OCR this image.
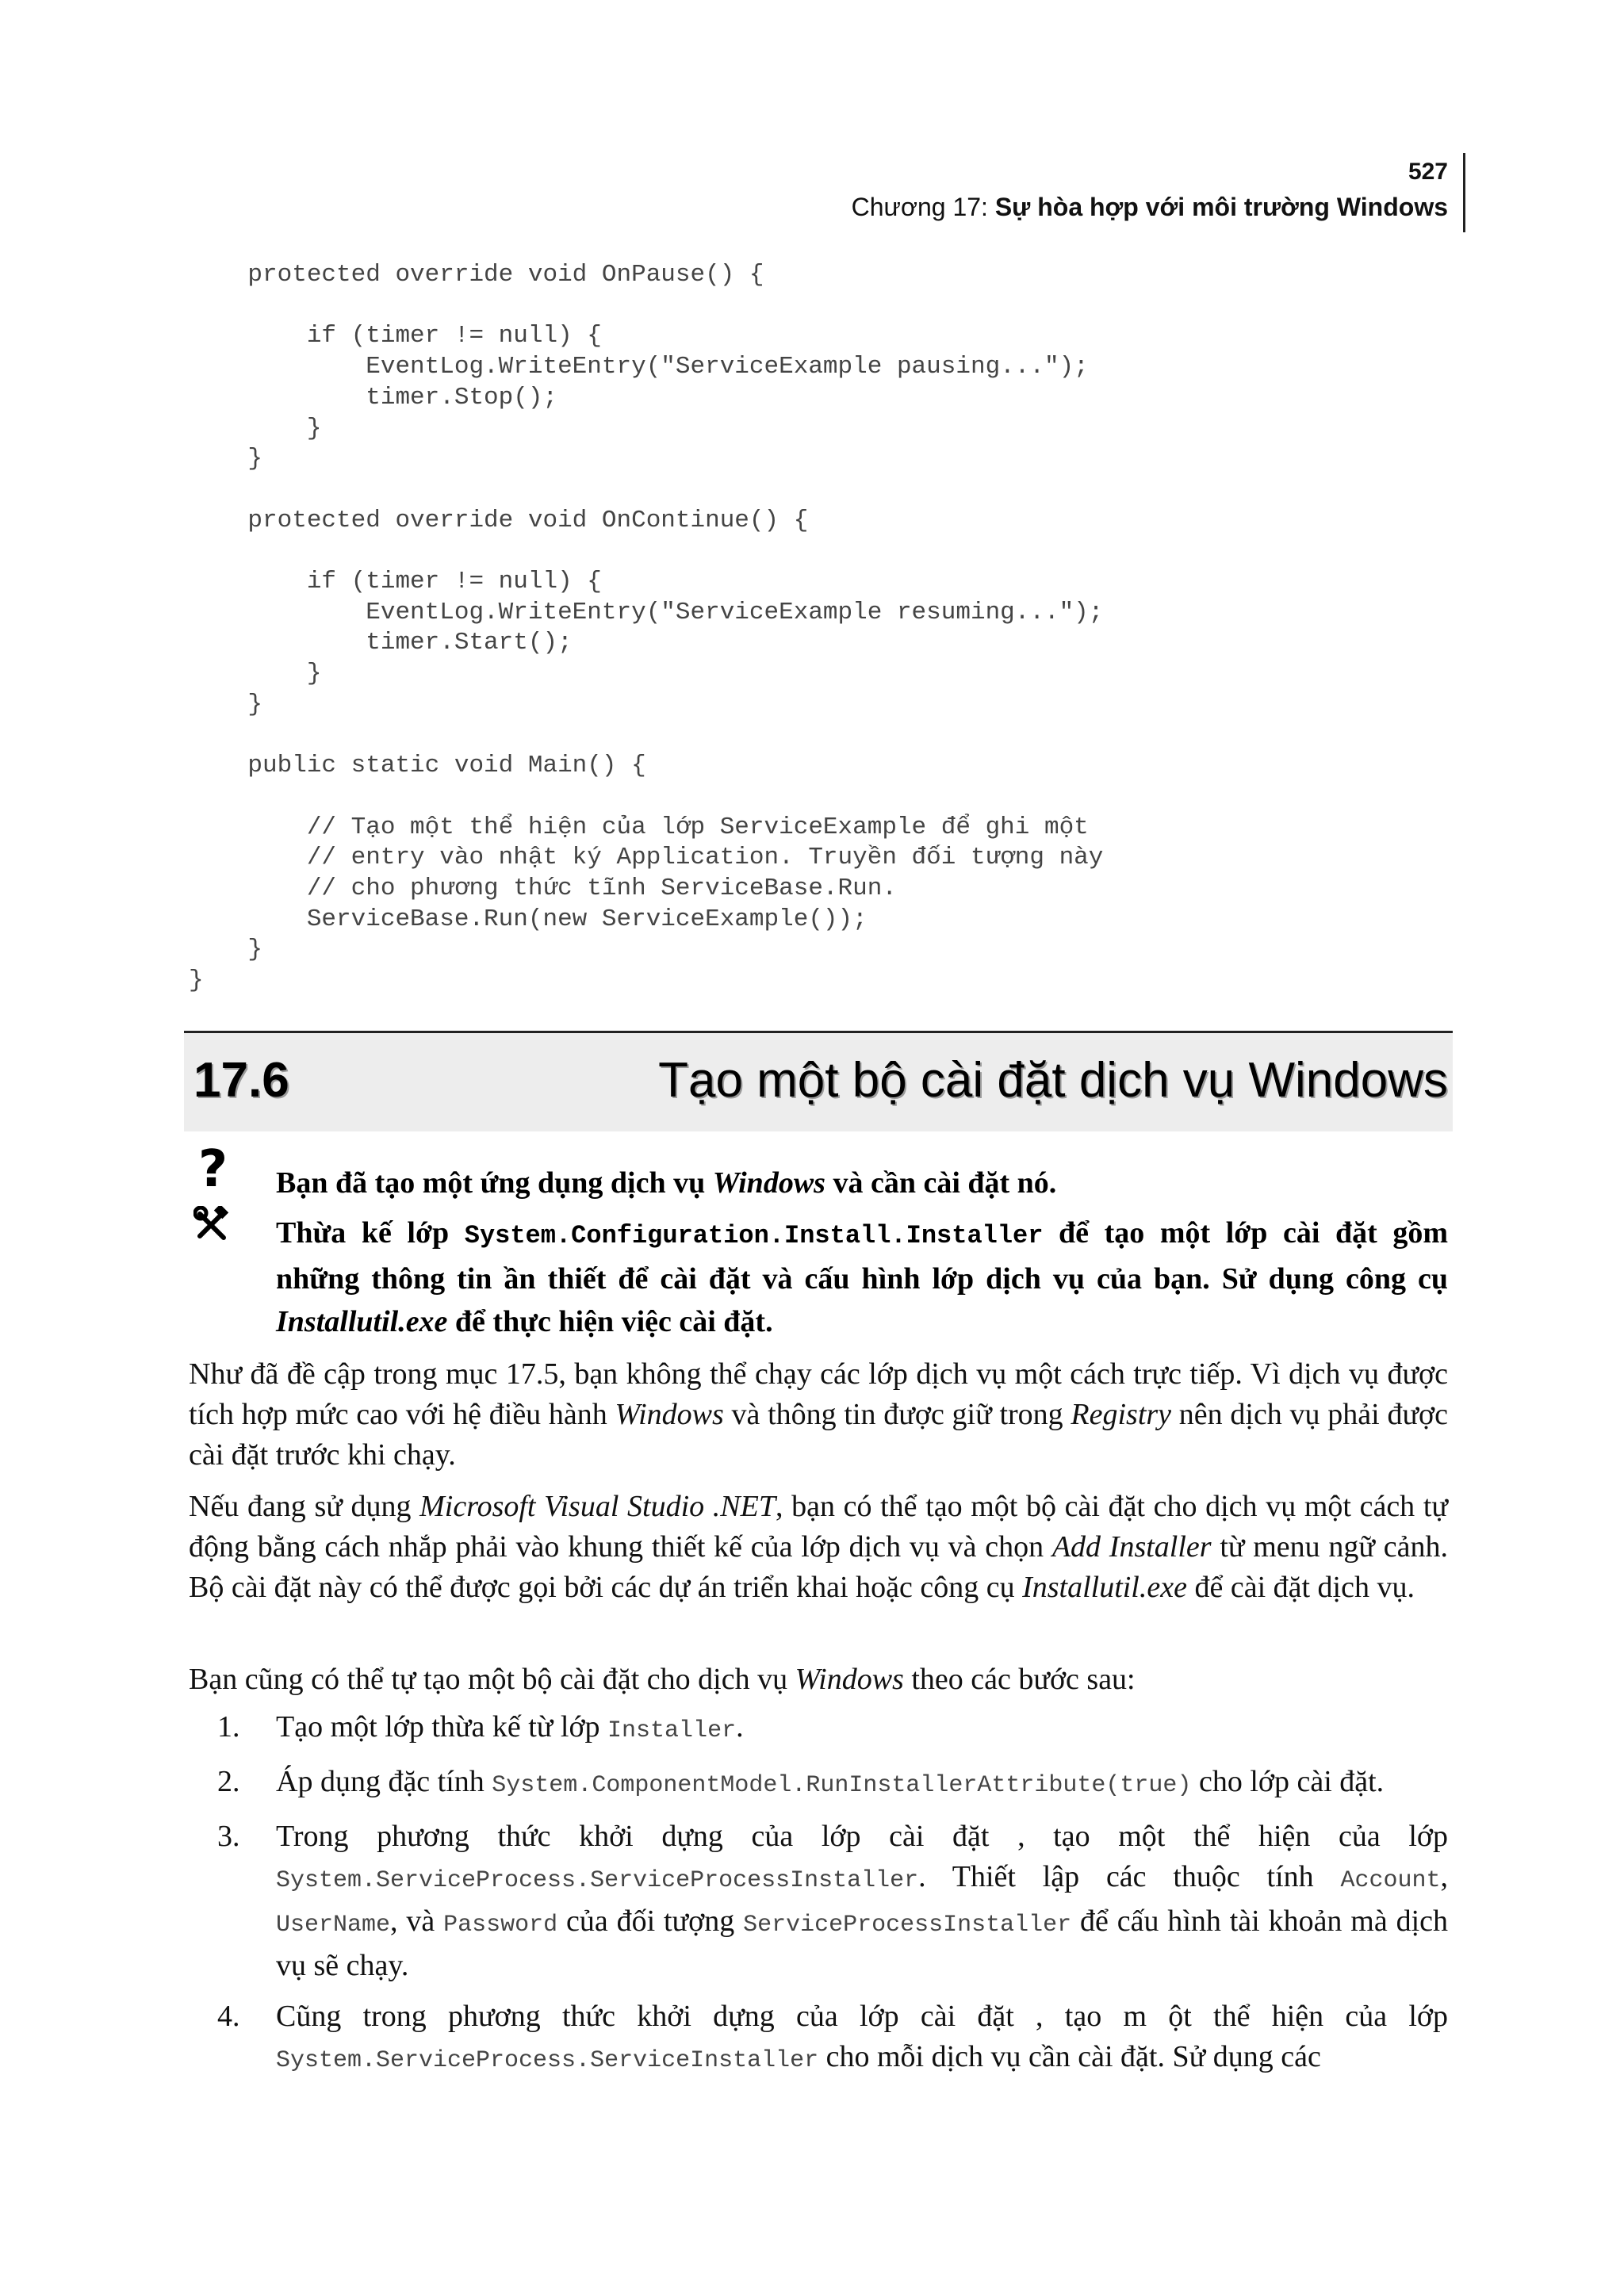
527
Chương 17: Sự hòa hợp với môi trường Windows
protected override void OnPause() {

if (timer != null) {
EventLog.WriteEntry("ServiceExample pausing...");
timer.Stop();
}
}

protected override void OnContinue() {

if (timer != null) {
EventLog.WriteEntry("ServiceExample resuming...");
timer.Start();
}
}

public static void Main() {

// Tạo một thể hiện của lớp ServiceExample để ghi một
// entry vào nhật ký Application. Truyền đối tượng này
// cho phương thức tĩnh ServiceBase.Run.
ServiceBase.Run(new ServiceExample());
}
}
17.6	Tạo một bộ cài đặt dịch vụ Windows
? Bạn đã tạo một ứng dụng dịch vụ Windows và cần cài đặt nó.
Thừa kế lớp System.Configuration.Install.Installer để tạo một lớp cài đặt gồm những thông tin ần thiết để cài đặt và cấu hình lớp dịch vụ của bạn. Sử dụng công cụ Installutil.exe để thực hiện việc cài đặt.

Như đã đề cập trong mục 17.5, bạn không thể chạy các lớp dịch vụ một cách trực tiếp. Vì dịch vụ được tích hợp mức cao với hệ điều hành Windows và thông tin được giữ trong Registry nên dịch vụ phải được cài đặt trước khi chạy.

Nếu đang sử dụng Microsoft Visual Studio .NET, bạn có thể tạo một bộ cài đặt cho dịch vụ một cách tự động bằng cách nhắp phải vào khung thiết kế của lớp dịch vụ và chọn Add Installer từ menu ngữ cảnh. Bộ cài đặt này có thể được gọi bởi các dự án triển khai hoặc công cụ Installutil.exe để cài đặt dịch vụ.

Bạn cũng có thể tự tạo một bộ cài đặt cho dịch vụ Windows theo các bước sau:

1. Tạo một lớp thừa kế từ lớp Installer.
2. Áp dụng đặc tính System.ComponentModel.RunInstallerAttribute(true) cho lớp cài đặt.
3. Trong phương thức khởi dựng của lớp cài đặt , tạo một thể hiện của lớp System.ServiceProcess.ServiceProcessInstaller. Thiết lập các thuộc tính Account, UserName, và Password của đối tượng ServiceProcessInstaller để cấu hình tài khoản mà dịch vụ sẽ chạy.
4. Cũng trong phương thức khởi dựng của lớp cài đặt , tạo m ột thể hiện của lớp System.ServiceProcess.ServiceInstaller cho mỗi dịch vụ cần cài đặt. Sử dụng các
